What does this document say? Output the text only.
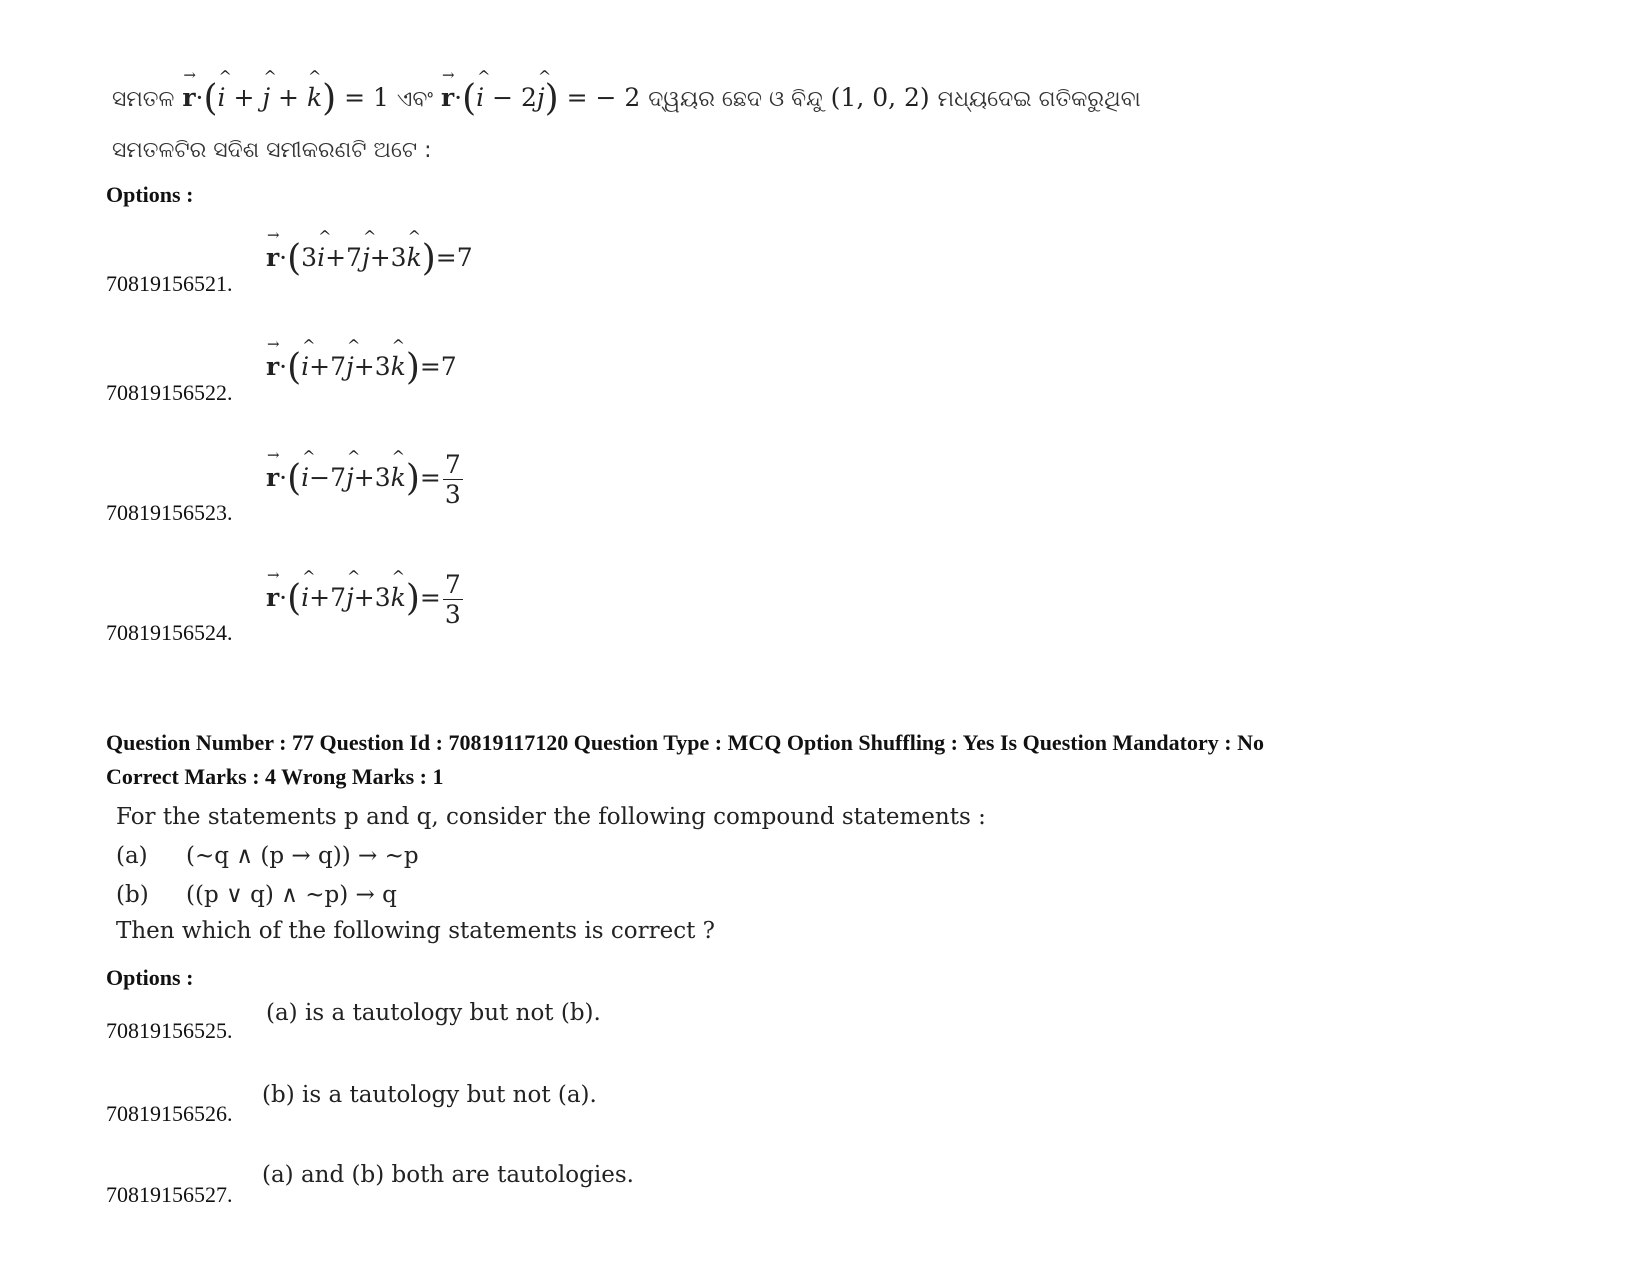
ସମତଳ → r·(^ i + ^ j + ^ k) = 1 ଏବଂ → r·(^ i − 2^ j) = − 2 ଦ୍ୱୟର ଛେଦ ଓ ବିନ୍ଦୁ (1, 0, 2) ମଧ୍ୟଦେଇ ଗତିକରୁଥିବା
ସମତଳଟିର ସଦିଶ ସମୀକରଣଟି ଅଟେ :
Options :
70819156521.
→ r·(3^ i+7^ j+3^ k)=7
70819156522.
→ r·(^ i+7^ j+3^ k)=7
70819156523.
→ r·(^ i−7^ j+3^ $k)= \frac{7}{3}$
70819156524.
→ r·(^ i+7^ j+3^ $k)= \frac{7}{3}$
Question Number : 77 Question Id : 70819117120 Question Type : MCQ Option Shuffling : Yes Is Question Mandatory : No
Correct Marks : 4 Wrong Marks : 1
For the statements p and q, consider the following compound statements :
(a) (~q ∧ (p → q)) → ~p
(b) ((p ∨ q) ∧ ~p) → q
Then which of the following statements is correct ?
Options :
70819156525.
(a) is a tautology but not (b).
70819156526.
(b) is a tautology but not (a).
70819156527.
(a) and (b) both are tautologies.
